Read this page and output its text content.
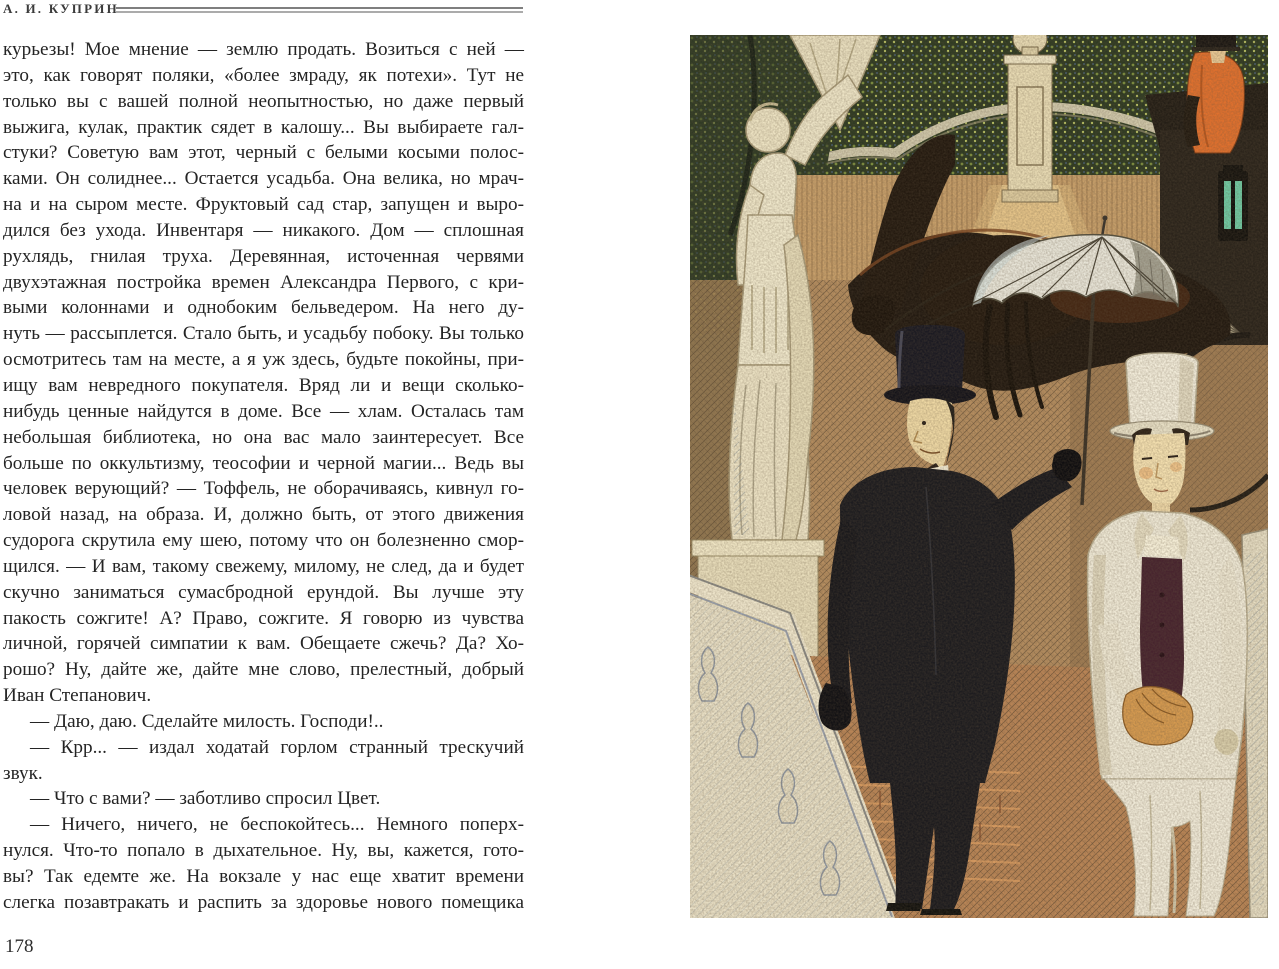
А. И. КУПРИН
курьезы! Мое мнение — землю продать. Возиться с ней —
это, как говорят поляки, «более змраду, як потехи». Тут не
только вы с вашей полной неопытностью, но даже первый
выжига, кулак, практик сядет в калошу... Вы выбираете гал-
стуки? Советую вам этот, черный с белыми косыми полос-
ками. Он солиднее... Остается усадьба. Она велика, но мрач-
на и на сыром месте. Фруктовый сад стар, запущен и выро-
дился без ухода. Инвентаря — никакого. Дом — сплошная
рухлядь, гнилая труха. Деревянная, источенная червями
двухэтажная постройка времен Александра Первого, с кри-
выми колоннами и однобоким бельведером. На него ду-
нуть — рассыплется. Стало быть, и усадьбу побоку. Вы только
осмотритесь там на месте, а я уж здесь, будьте покойны, при-
ищу вам невредного покупателя. Вряд ли и вещи сколько-
нибудь ценные найдутся в доме. Все — хлам. Осталась там
небольшая библиотека, но она вас мало заинтересует. Все
больше по оккультизму, теософии и черной магии... Ведь вы
человек верующий? — Тоффель, не оборачиваясь, кивнул го-
ловой назад, на образа. И, должно быть, от этого движения
судорога скрутила ему шею, потому что он болезненно смор-
щился. — И вам, такому свежему, милому, не след, да и будет
скучно заниматься сумасбродной ерундой. Вы лучше эту
пакость сожгите! А? Право, сожгите. Я говорю из чувства
личной, горячей симпатии к вам. Обещаете сжечь? Да? Хо-
рошо? Ну, дайте же, дайте мне слово, прелестный, добрый
Иван Степанович.
— Даю, даю. Сделайте милость. Господи!..
— Крр... — издал ходатай горлом странный трескучий
звук.
— Что с вами? — заботливо спросил Цвет.
— Ничего, ничего, не беспокойтесь... Немного поперх-
нулся. Что-то попало в дыхательное. Ну, вы, кажется, гото-
вы? Так едемте же. На вокзале у нас еще хватит времени
слегка позавтракать и распить за здоровье нового помещика
178
